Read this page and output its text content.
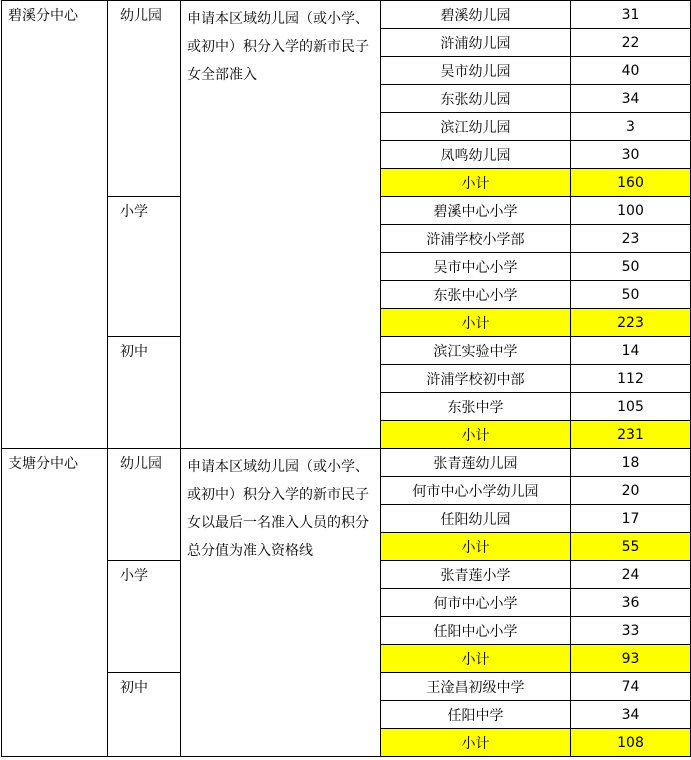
碧溪分中心	幼儿园	申请本区域幼儿园（或小学、或初中）积分入学的新市民子女全部准入	碧溪幼儿园	31
			浒浦幼儿园	22
			吴市幼儿园	40
			东张幼儿园	34
			滨江幼儿园	3
			凤鸣幼儿园	30
			小计	160
	小学		碧溪中心小学	100
			浒浦学校小学部	23
			吴市中心小学	50
			东张中心小学	50
			小计	223
	初中		滨江实验中学	14
			浒浦学校初中部	112
			东张中学	105
			小计	231
支塘分中心	幼儿园	申请本区域幼儿园（或小学、或初中）积分入学的新市民子女以最后一名准入人员的积分总分值为准入资格线	张青莲幼儿园	18
			何市中心小学幼儿园	20
			任阳幼儿园	17
			小计	55
	小学		张青莲小学	24
			何市中心小学	36
			任阳中心小学	33
			小计	93
	初中		王淦昌初级中学	74
			任阳中学	34
			小计	108
